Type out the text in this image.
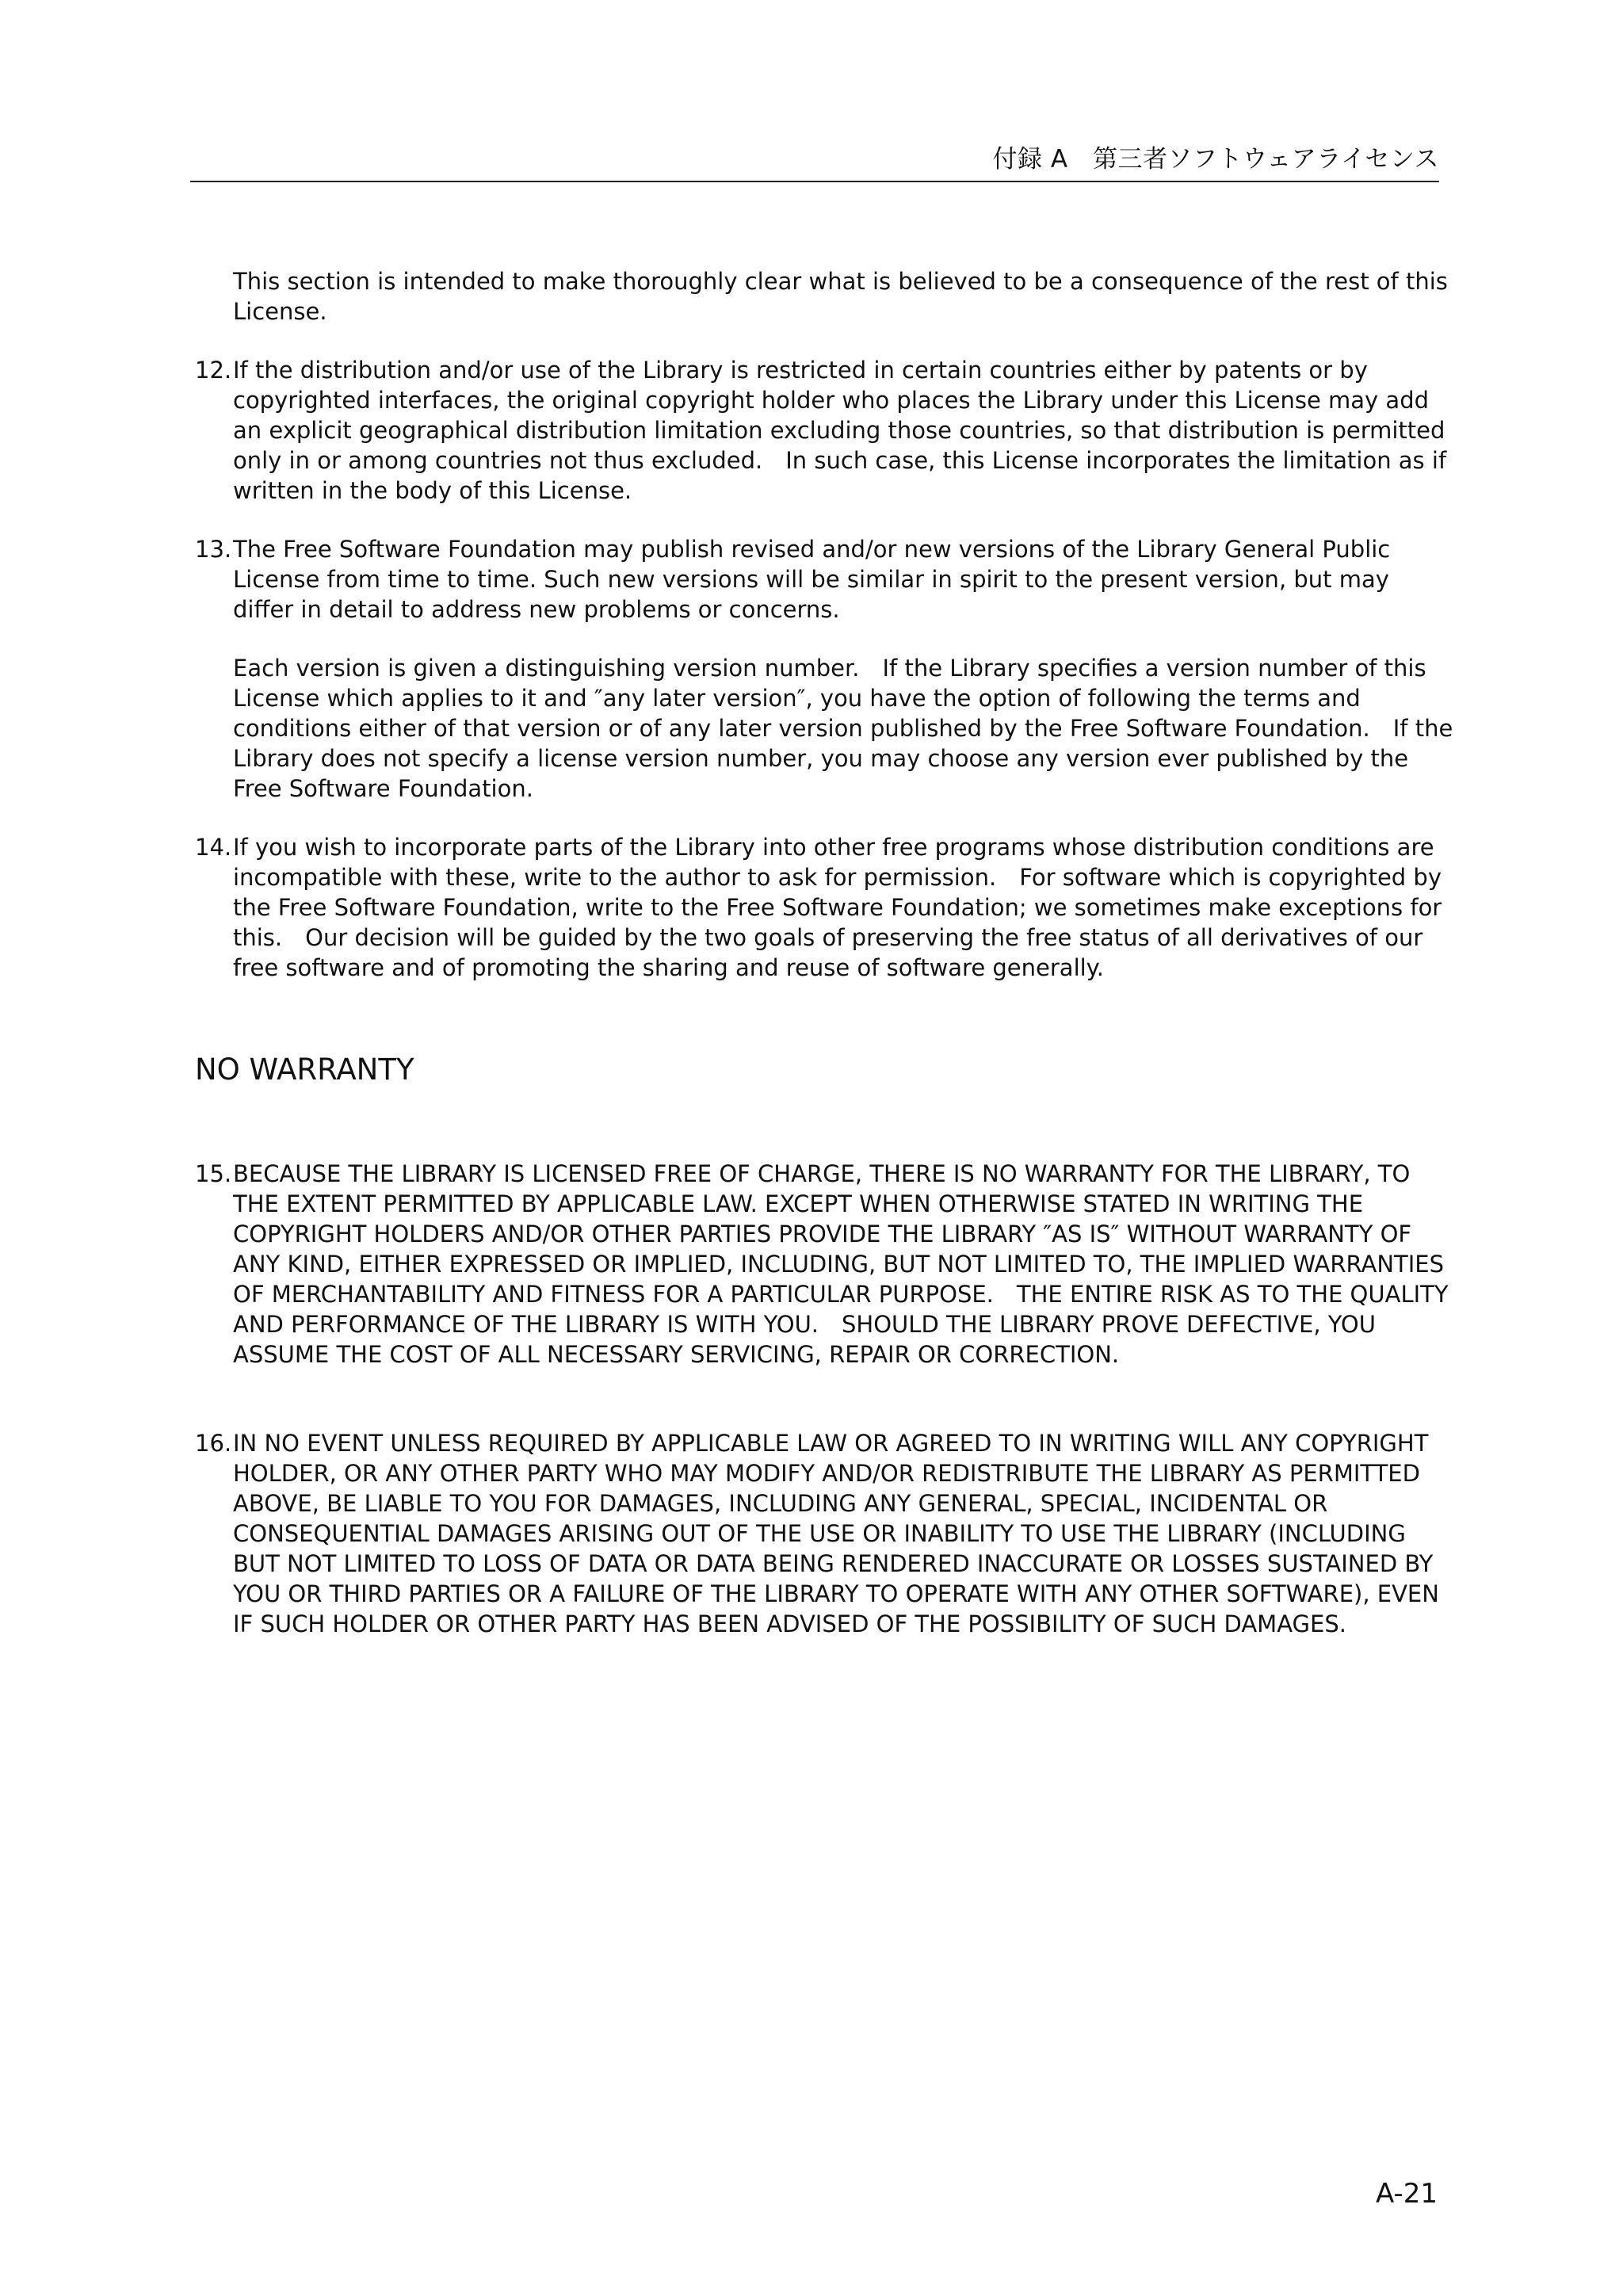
付録 A　第三者ソフトウェアライセンス

This section is intended to make thoroughly clear what is believed to be a consequence of the rest of this License.

12. If the distribution and/or use of the Library is restricted in certain countries either by patents or by copyrighted interfaces, the original copyright holder who places the Library under this License may add an explicit geographical distribution limitation excluding those countries, so that distribution is permitted only in or among countries not thus excluded.　In such case, this License incorporates the limitation as if written in the body of this License.
13. The Free Software Foundation may publish revised and/or new versions of the Library General Public License from time to time. Such new versions will be similar in spirit to the present version, but may differ in detail to address new problems or concerns.
Each version is given a distinguishing version number.　If the Library specifies a version number of this License which applies to it and ″any later version″, you have the option of following the terms and conditions either of that version or of any later version published by the Free Software Foundation.　If the Library does not specify a license version number, you may choose any version ever published by the Free Software Foundation.
14. If you wish to incorporate parts of the Library into other free programs whose distribution conditions are incompatible with these, write to the author to ask for permission.　For software which is copyrighted by the Free Software Foundation, write to the Free Software Foundation; we sometimes make exceptions for this.　Our decision will be guided by the two goals of preserving the free status of all derivatives of our free software and of promoting the sharing and reuse of software generally.
NO WARRANTY
15. BECAUSE THE LIBRARY IS LICENSED FREE OF CHARGE, THERE IS NO WARRANTY FOR THE LIBRARY, TO THE EXTENT PERMITTED BY APPLICABLE LAW. EXCEPT WHEN OTHERWISE STATED IN WRITING THE COPYRIGHT HOLDERS AND/OR OTHER PARTIES PROVIDE THE LIBRARY ″AS IS″ WITHOUT WARRANTY OF ANY KIND, EITHER EXPRESSED OR IMPLIED, INCLUDING, BUT NOT LIMITED TO, THE IMPLIED WARRANTIES OF MERCHANTABILITY AND FITNESS FOR A PARTICULAR PURPOSE.　THE ENTIRE RISK AS TO THE QUALITY AND PERFORMANCE OF THE LIBRARY IS WITH YOU.　SHOULD THE LIBRARY PROVE DEFECTIVE, YOU ASSUME THE COST OF ALL NECESSARY SERVICING, REPAIR OR CORRECTION.
16. IN NO EVENT UNLESS REQUIRED BY APPLICABLE LAW OR AGREED TO IN WRITING WILL ANY COPYRIGHT HOLDER, OR ANY OTHER PARTY WHO MAY MODIFY AND/OR REDISTRIBUTE THE LIBRARY AS PERMITTED ABOVE, BE LIABLE TO YOU FOR DAMAGES, INCLUDING ANY GENERAL, SPECIAL, INCIDENTAL OR CONSEQUENTIAL DAMAGES ARISING OUT OF THE USE OR INABILITY TO USE THE LIBRARY (INCLUDING BUT NOT LIMITED TO LOSS OF DATA OR DATA BEING RENDERED INACCURATE OR LOSSES SUSTAINED BY YOU OR THIRD PARTIES OR A FAILURE OF THE LIBRARY TO OPERATE WITH ANY OTHER SOFTWARE), EVEN IF SUCH HOLDER OR OTHER PARTY HAS BEEN ADVISED OF THE POSSIBILITY OF SUCH DAMAGES.
A-21
